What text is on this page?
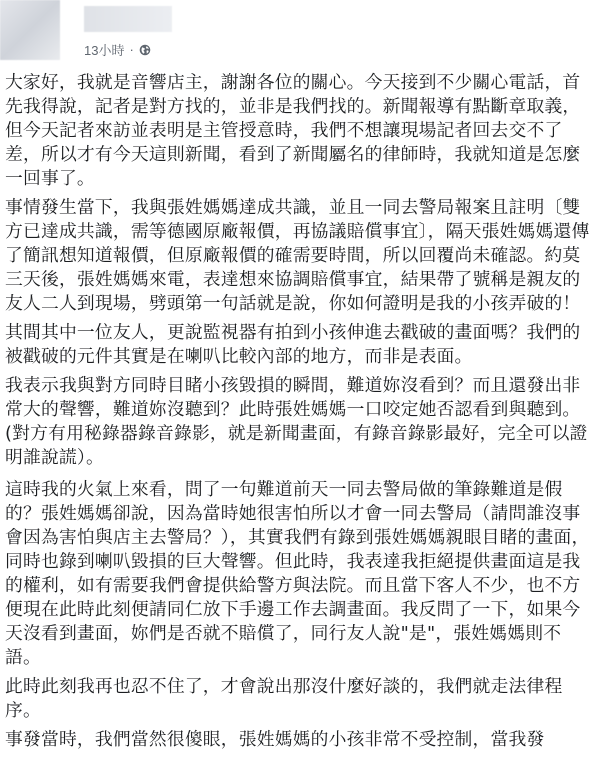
13小時 ·

大家好，我就是音響店主，謝謝各位的關心。今天接到不少關心電話，首先我得說，記者是對方找的，並非是我們找的。新聞報導有點斷章取義，但今天記者來訪並表明是主管授意時，我們不想讓現場記者回去交不了差，所以才有今天這則新聞，看到了新聞屬名的律師時，我就知道是怎麼一回事了。

事情發生當下，我與張姓媽媽達成共識，並且一同去警局報案且註明〔雙方已達成共識，需等德國原廠報價，再協議賠償事宜〕，隔天張姓媽媽還傳了簡訊想知道報價，但原廠報價的確需要時間，所以回覆尚未確認。約莫三天後，張姓媽媽來電，表達想來協調賠償事宜，結果帶了號稱是親友的友人二人到現場，劈頭第一句話就是說，你如何證明是我的小孩弄破的！

其間其中一位友人，更說監視器有拍到小孩伸進去戳破的畫面嗎？我們的被戳破的元件其實是在喇叭比較內部的地方，而非是表面。

我表示我與對方同時目睹小孩毀損的瞬間，難道妳沒看到？而且還發出非常大的聲響，難道妳沒聽到？此時張姓媽媽一口咬定她否認看到與聽到。(對方有用秘錄器錄音錄影，就是新聞畫面，有錄音錄影最好，完全可以證明誰說謊）。

這時我的火氣上來看，問了一句難道前天一同去警局做的筆錄難道是假的？張姓媽媽卻說，因為當時她很害怕所以才會一同去警局（請問誰沒事會因為害怕與店主去警局？），其實我們有錄到張姓媽媽親眼目睹的畫面，同時也錄到喇叭毀損的巨大聲響。但此時，我表達我拒絕提供畫面這是我的權利，如有需要我們會提供給警方與法院。而且當下客人不少，也不方便現在此時此刻便請同仁放下手邊工作去調畫面。我反問了一下，如果今天沒看到畫面，妳們是否就不賠償了，同行友人說"是"，張姓媽媽則不語。

此時此刻我再也忍不住了，才會說出那沒什麼好談的，我們就走法律程序。

事發當時，我們當然很傻眼，張姓媽媽的小孩非常不受控制，當我發
